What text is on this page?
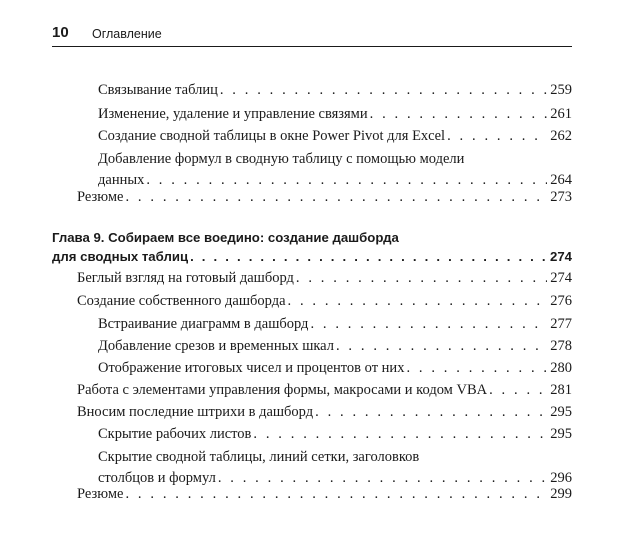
10 Оглавление
Связывание таблиц . . .	259
Изменение, удаление и управление связями . . .	261
Создание сводной таблицы в окне Power Pivot для Excel . . .	262
Добавление формул в сводную таблицу с помощью модели
данных . . .	264
Резюме . . .	273
Глава 9. Собираем все воедино: создание дашборда
для сводных таблиц . . .	274
Беглый взгляд на готовый дашборд . . .	274
Создание собственного дашборда . . .	276
Встраивание диаграмм в дашборд . . .	277
Добавление срезов и временных шкал . . .	278
Отображение итоговых чисел и процентов от них . . .	280
Работа с элементами управления формы, макросами и кодом VBA . . .	281
Вносим последние штрихи в дашборд . . .	295
Скрытие рабочих листов . . .	295
Скрытие сводной таблицы, линий сетки, заголовков
столбцов и формул . . .	296
Резюме . . .	299
